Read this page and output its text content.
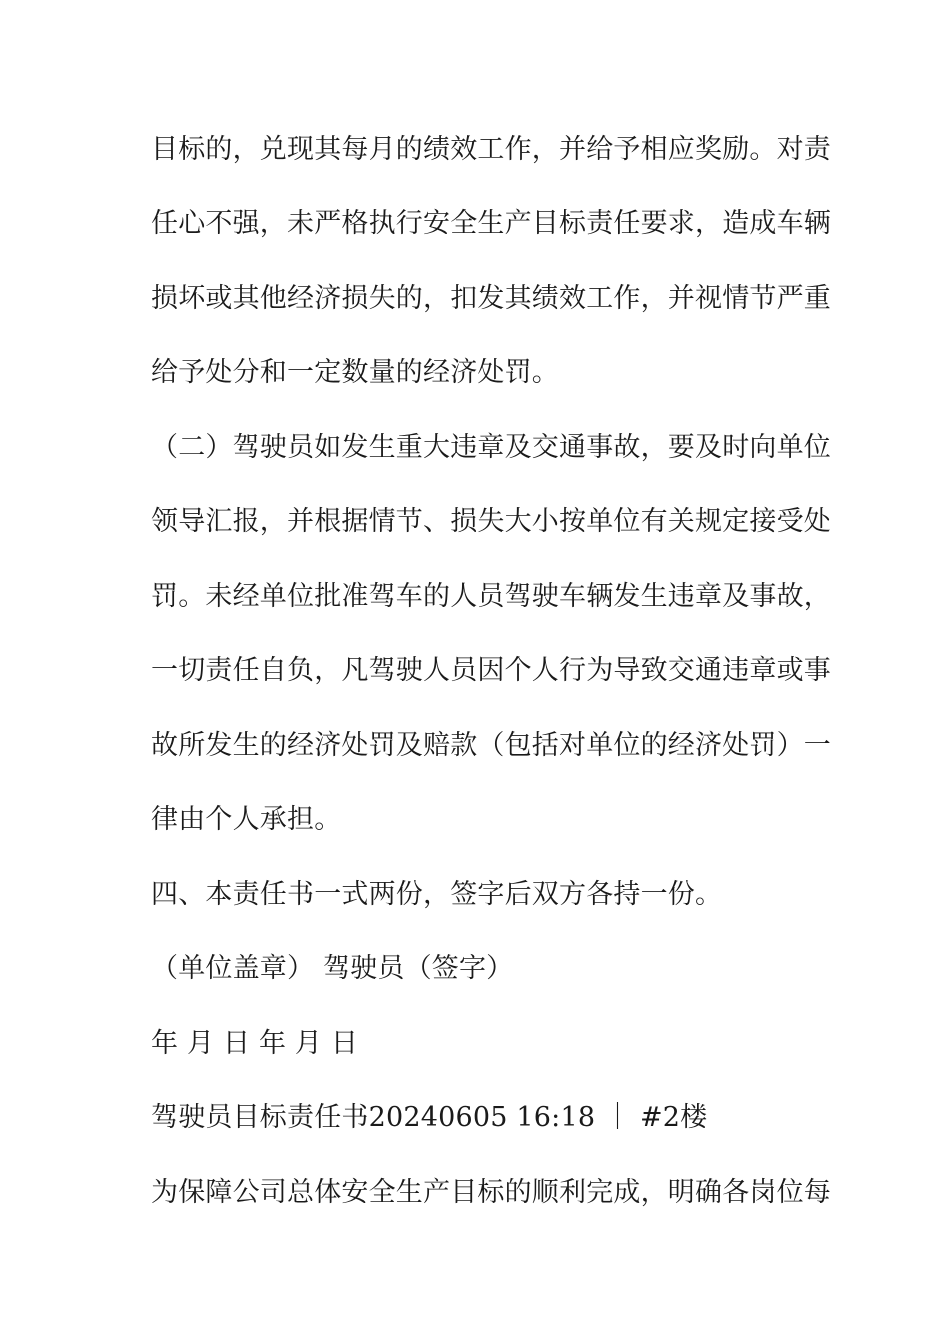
目标的，兑现其每月的绩效工作，并给予相应奖励。对责
任心不强，未严格执行安全生产目标责任要求，造成车辆
损坏或其他经济损失的，扣发其绩效工作，并视情节严重
给予处分和一定数量的经济处罚。
（二）驾驶员如发生重大违章及交通事故，要及时向单位
领导汇报，并根据情节、损失大小按单位有关规定接受处
罚。未经单位批准驾车的人员驾驶车辆发生违章及事故，
一切责任自负，凡驾驶人员因个人行为导致交通违章或事
故所发生的经济处罚及赔款（包括对单位的经济处罚）一
律由个人承担。
四、本责任书一式两份，签字后双方各持一份。
（单位盖章） 驾驶员（签字）
年 月 日 年 月 日
驾驶员目标责任书20240605 16:18 ｜ #2楼
为保障公司总体安全生产目标的顺利完成，明确各岗位每
